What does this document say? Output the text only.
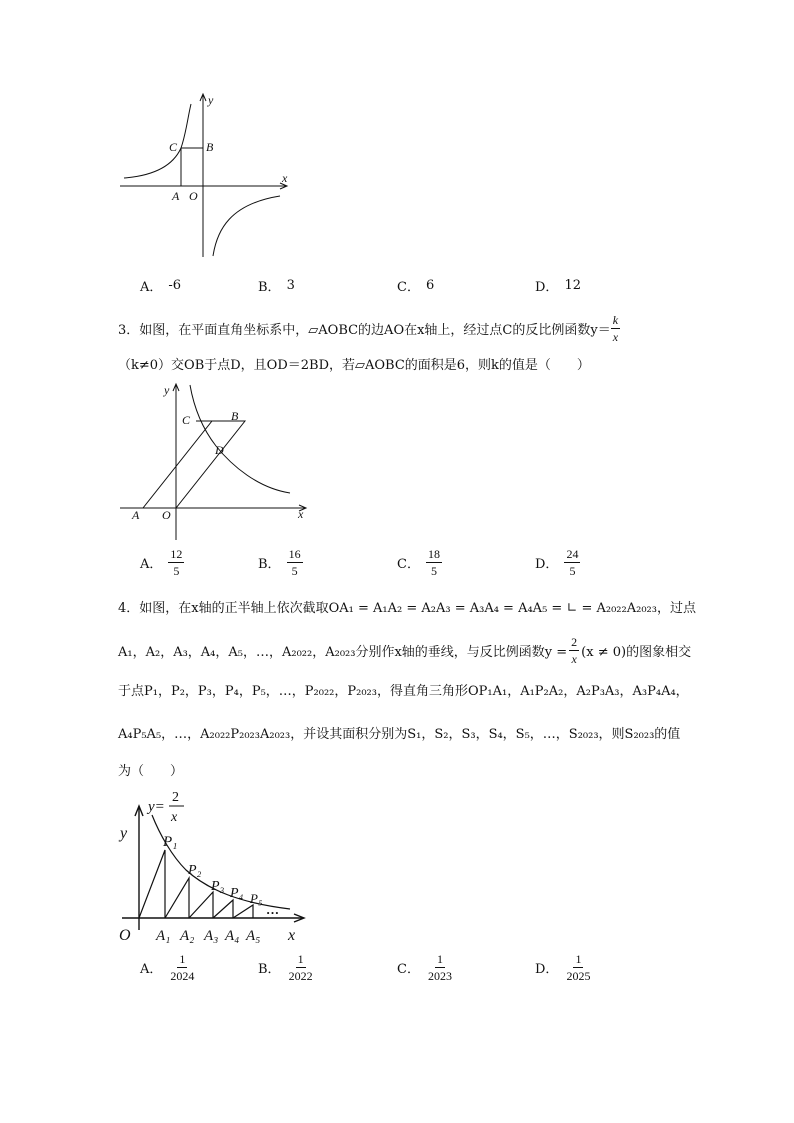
y
x
C B
A O
A． -6	B． 3	C． 6	D． 12
3．如图，在平面直角坐标系中，▱AOBC的边AO在x轴上，经过点C的反比例函数$y= \frac{k}{x}$
（k≠0）交OB于点D，且OD＝2BD，若▱AOBC的面积是6，则k的值是（　　）
y
x
C	B
D
A O
A． $\frac{12}{5}$	B． $\frac{16}{5}$	C． $\frac{18}{5}$	D． $\frac{24}{5}$
4．如图，在x轴的正半轴上依次截取OA₁ = A₁A₂ = A₂A₃ = A₃A₄ = A₄A₅ = ∟ = A₂₀₂₂A₂₀₂₃，过点
A₁，A₂，A₃，A₄，A₅，…，A₂₀₂₂，A₂₀₂₃分别作x轴的垂线，与反比例函数$y = \frac{2}{x} (x \ne 0)$的图象相交
于点P₁，P₂，P₃，P₄，P₅，…，P₂₀₂₂，P₂₀₂₃，得直角三角形OP₁A₁，A₁P₂A₂，A₂P₃A₃，A₃P₄A₄，
A₄P₅A₅，…，A₂₀₂₂P₂₀₂₃A₂₀₂₃，并设其面积分别为S₁，S₂，S₃，S₄，S₅，…，S₂₀₂₃，则S₂₀₂₃的值
为（　　）
y
y=
2
x
P₁
P₂
P₃ P₄ P₅
…
O A₁ A₂ A₃ A₄ A₅ x
A． $\frac{1}{2024}$	B． $\frac{1}{2022}$	C． $\frac{1}{2023}$	D． $\frac{1}{2025}$
